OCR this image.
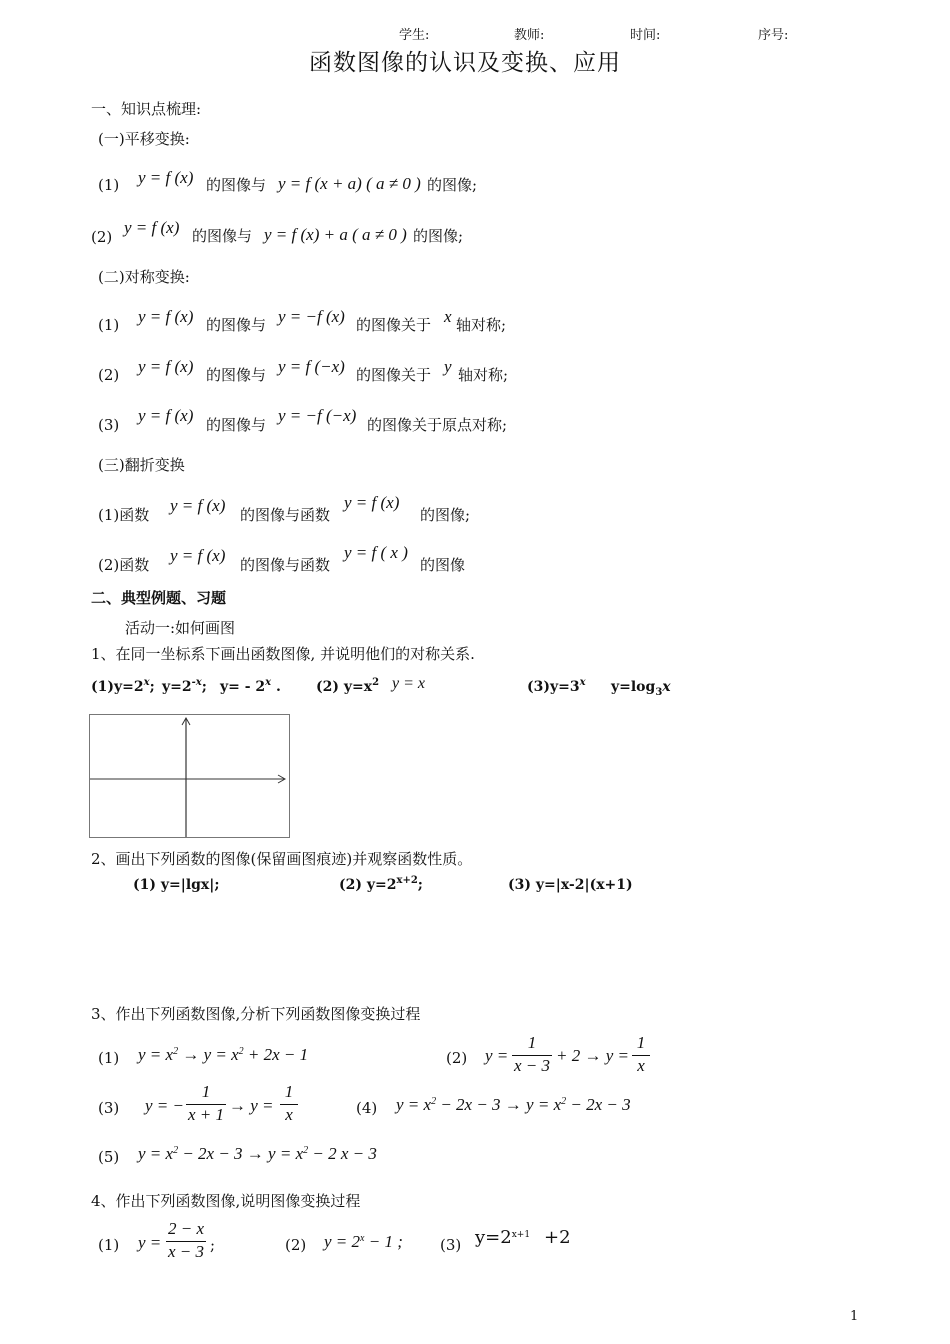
学生:	教师:	时间:	序号:
函数图像的认识及变换、应用
一、知识点梳理:
(一)平移变换:
(1) y = f (x) 的图像与 y = f (x + a) ( a ≠ 0 ) 的图像;
(2) y = f (x) 的图像与 y = f (x) + a ( a ≠ 0 ) 的图像;
(二)对称变换:
(1) y = f (x) 的图像与 y = −f (x) 的图像关于 x 轴对称;
(2) y = f (x) 的图像与 y = f (−x) 的图像关于 y 轴对称;
(3) y = f (x) 的图像与 y = −f (−x) 的图像关于原点对称;
(三)翻折变换
(1)函数 y = f (x) 的图像与函数
y = f (x)
的图像;
(2)函数 y = f (x) 的图像与函数
y = f ( x )
的图像
二、典型例题、习题
活动一:如何画图
1、在同一坐标系下画出函数图像, 并说明他们的对称关系.
$(1)y=2^x$; $y=2^{-x}$; y= - 2$^x$ .	(2) $y=x^2$ y = x	$(3)y=3^x$ $y=\log_3x$
2、画出下列函数的图像(保留画图痕迹)并观察函数性质。
(1) y=|lgx|;	(2) $y=2^{x+2}$;	(3) y=|x-2|(x+1)
3、作出下列函数图像,分析下列函数图像变换过程
(1) $y = x^2 \to y = x^2 + 2x - 1$	(2) $y = \frac{1}{x - 3} + 2 \to y = \frac{1}{x}$
(3) y = − $\frac{1}{x + 1} \to y = \frac{1}{x}$	(4) $y = x^2 - 2x - 3 \to y = x^2 - 2x - 3$
(5) $y = x^2 - 2x - 3 \to y = x^2 - 2$ x − 3
4、作出下列函数图像,说明图像变换过程
(1) $y = \frac{2 - x}{x - 3}$ ;	(2) $y = 2^x - 1$ ; (3) $y=2^{x+1} +2$
1
